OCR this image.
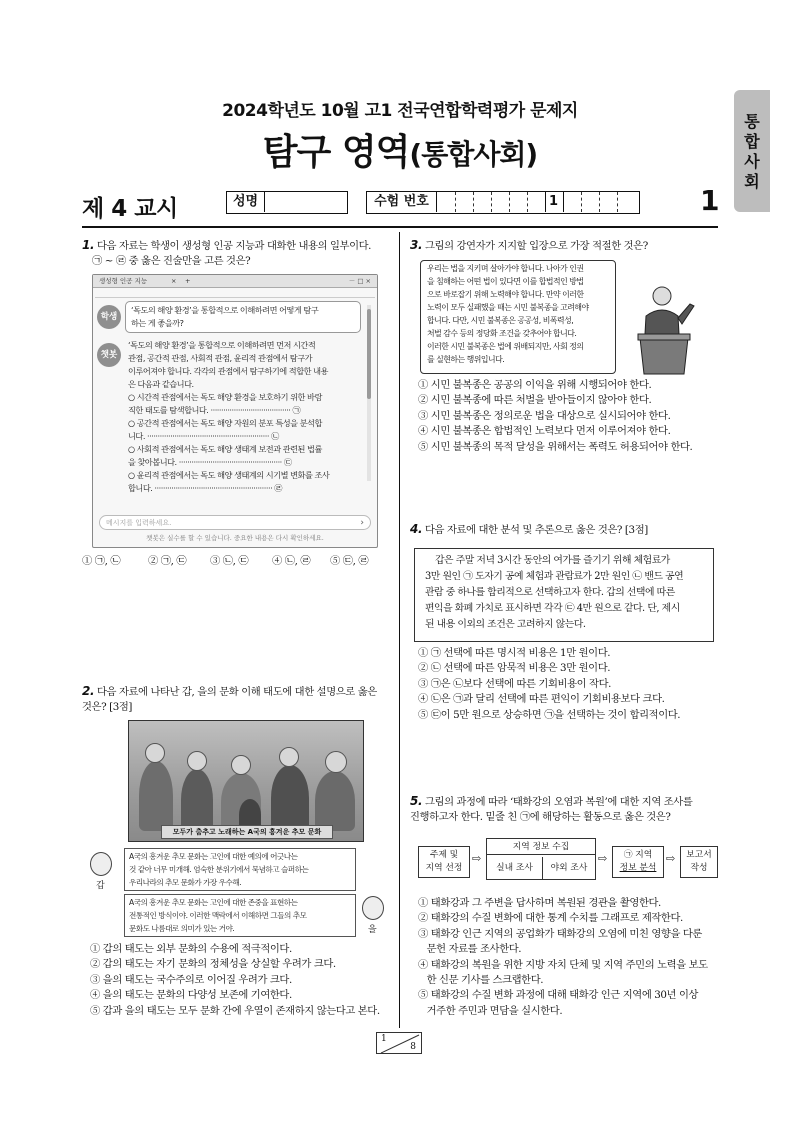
2024학년도 10월 고1 전국연합학력평가 문제지
탐구 영역(통합사회)
통합사회
제 4 교시	성명	수험 번호	1	1
1. 다음 자료는 학생이 생성형 인공 지능과 대화한 내용의 일부이다.
㉠ ~ ㉣ 중 옳은 진술만을 고른 것은?
생성형 인공 지능	× +	－ □ ×
학생
‘독도의 해양 환경’을 통합적으로 이해하려면 어떻게 탐구
하는 게 좋을까?
챗봇
‘독도의 해양 환경’을 통합적으로 이해하려면 먼저 시간적
관점, 공간적 관점, 사회적 관점, 윤리적 관점에서 탐구가
이루어져야 합니다. 각각의 관점에서 탐구하기에 적합한 내용
은 다음과 같습니다.
○ 시간적 관점에서는 독도 해양 환경을 보호하기 위한 바람
직한 태도를 탐색합니다. ······································ ㉠
○ 공간적 관점에서는 독도 해양 자원의 분포 특성을 분석합
니다. ·························································· ㉡
○ 사회적 관점에서는 독도 해양 생태계 보전과 관련된 법률
을 찾아봅니다. ················································· ㉢
○ 윤리적 관점에서는 독도 해양 생태계의 시기별 변화를 조사
합니다. ························································ ㉣
메시지를 입력하세요.	›
챗봇은 실수를 할 수 있습니다. 중요한 내용은 다시 확인하세요.
① ㉠, ㉡	② ㉠, ㉢ ③ ㉡, ㉢ ④ ㉡, ㉣ ⑤ ㉢, ㉣
2. 다음 자료에 나타난 갑, 을의 문화 이해 태도에 대한 설명으로 옳은
것은? [3점]
모두가 춤추고 노래하는 A국의 흥겨운 추모 문화
갑
A국의 흥겨운 추모 문화는 고인에 대한 예의에 어긋나는
것 같아 너무 미개해. 엄숙한 분위기에서 묵념하고 슬퍼하는
우리나라의 추모 문화가 가장 우수해.
A국의 흥겨운 추모 문화는 고인에 대한 존중을 표현하는
전통적인 방식이야. 이러한 맥락에서 이해하면 그들의 추모
문화도 나름대로 의미가 있는 거야.	을
① 갑의 태도는 외부 문화의 수용에 적극적이다.
② 갑의 태도는 자기 문화의 정체성을 상실할 우려가 크다.
③ 을의 태도는 국수주의로 이어질 우려가 크다.
④ 을의 태도는 문화의 다양성 보존에 기여한다.
⑤ 갑과 을의 태도는 모두 문화 간에 우열이 존재하지 않는다고 본다.
3. 그림의 강연자가 지지할 입장으로 가장 적절한 것은?
우리는 법을 지키며 살아가야 합니다. 나아가 인권
을 침해하는 어떤 법이 있다면 이를 합법적인 방법
으로 바로잡기 위해 노력해야 합니다. 만약 이러한
노력이 모두 실패했을 때는 시민 불복종을 고려해야
합니다. 다만, 시민 불복종은 공공성, 비폭력성,
처벌 감수 등의 정당화 조건을 갖추어야 합니다.
이러한 시민 불복종은 법에 위배되지만, 사회 정의
를 실현하는 행위입니다.
① 시민 불복종은 공공의 이익을 위해 시행되어야 한다.
② 시민 불복종에 따른 처벌을 받아들이지 않아야 한다.
③ 시민 불복종은 정의로운 법을 대상으로 실시되어야 한다.
④ 시민 불복종은 합법적인 노력보다 먼저 이루어져야 한다.
⑤ 시민 불복종의 목적 달성을 위해서는 폭력도 허용되어야 한다.
4. 다음 자료에 대한 분석 및 추론으로 옳은 것은? [3점]
갑은 주말 저녁 3시간 동안의 여가를 즐기기 위해 체험료가
3만 원인 ㉠ 도자기 공예 체험과 관람료가 2만 원인 ㉡ 밴드 공연
관람 중 하나를 합리적으로 선택하고자 한다. 갑의 선택에 따른
편익을 화폐 가치로 표시하면 각각 ㉢ 4만 원으로 같다. 단, 제시
된 내용 이외의 조건은 고려하지 않는다.
① ㉠ 선택에 따른 명시적 비용은 1만 원이다.
② ㉡ 선택에 따른 암묵적 비용은 3만 원이다.
③ ㉠은 ㉡보다 선택에 따른 기회비용이 작다.
④ ㉡은 ㉠과 달리 선택에 따른 편익이 기회비용보다 크다.
⑤ ㉢이 5만 원으로 상승하면 ㉠을 선택하는 것이 합리적이다.
5. 그림의 과정에 따라 ‘태화강의 오염과 복원’에 대한 지역 조사를
진행하고자 한다. 밑줄 친 ㉠에 해당하는 활동으로 옳은 것은?
주제 및
지역 선정
⇨
지역 정보 수집
실내 조사	야외 조사
⇨	㉠ 지역
정보 분석
⇨	보고서
작성
① 태화강과 그 주변을 답사하며 복원된 경관을 촬영한다.
② 태화강의 수질 변화에 대한 통계 수치를 그래프로 제작한다.
③ 태화강 인근 지역의 공업화가 태화강의 오염에 미친 영향을 다룬
문헌 자료를 조사한다.
④ 태화강의 복원을 위한 지방 자치 단체 및 지역 주민의 노력을 보도
한 신문 기사를 스크랩한다.
⑤ 태화강의 수질 변화 과정에 대해 태화강 인근 지역에 30년 이상
거주한 주민과 면담을 실시한다.
1
8
